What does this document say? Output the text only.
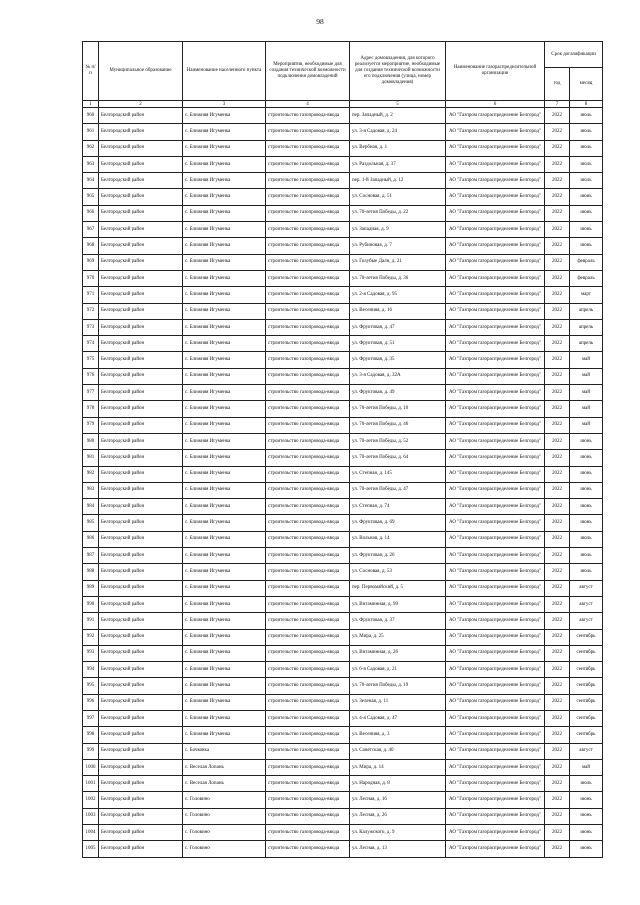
98
№ п/п	Муниципальное образование	Наименование населенного пункта	Мероприятия, необходимые для создания технической возможности подключения домовладений	Адрес домовладения, для которого реализуется мероприятие, необходимые для создания технической возможности его подключения (улица, номер домовладения)	Наименование газораспределительной организации	Срок догазификации	
						год	месяц
1	2	3	4	5	6	7	8
960	Белгородский район	с. Ближняя Игуменка	строительство газопровода-ввода	пер. Западный, д. 2	АО "Газпром газораспределение Белгород"	2022	июль
961	Белгородский район	с. Ближняя Игуменка	строительство газопровода-ввода	ул. 3-я Садовая, д. 24	АО "Газпром газораспределение Белгород"	2022	июль
962	Белгородский район	с. Ближняя Игуменка	строительство газопровода-ввода	ул. Вербная, д. 1	АО "Газпром газораспределение Белгород"	2022	июль
963	Белгородский район	с. Ближняя Игуменка	строительство газопровода-ввода	ул. Раздольная, д. 37	АО "Газпром газораспределение Белгород"	2022	июль
964	Белгородский район	с. Ближняя Игуменка	строительство газопровода-ввода	пер. 1-й Западный, д. 12	АО "Газпром газораспределение Белгород"	2022	июль
965	Белгородский район	с. Ближняя Игуменка	строительство газопровода-ввода	ул. Сосновая, д. 51	АО "Газпром газораспределение Белгород"	2022	июнь
966	Белгородский район	с. Ближняя Игуменка	строительство газопровода-ввода	ул. 70-летия Победы, д. 22	АО "Газпром газораспределение Белгород"	2022	июнь
967	Белгородский район	с. Ближняя Игуменка	строительство газопровода-ввода	ул. Западная, д. 9	АО "Газпром газораспределение Белгород"	2022	июнь
968	Белгородский район	с. Ближняя Игуменка	строительство газопровода-ввода	ул. Рубиновая, д. 7	АО "Газпром газораспределение Белгород"	2022	июнь
969	Белгородский район	с. Ближняя Игуменка	строительство газопровода-ввода	ул. Голубые Дали, д. 21	АО "Газпром газораспределение Белгород"	2022	февраль
970	Белгородский район	с. Ближняя Игуменка	строительство газопровода-ввода	ул. 70-летия Победы, д. 36	АО "Газпром газораспределение Белгород"	2022	февраль
971	Белгородский район	с. Ближняя Игуменка	строительство газопровода-ввода	ул. 2-я Садовая, д. 95	АО "Газпром газораспределение Белгород"	2022	март
972	Белгородский район	с. Ближняя Игуменка	строительство газопровода-ввода	ул. Весенняя, д. 16	АО "Газпром газораспределение Белгород"	2022	апрель
973	Белгородский район	с. Ближняя Игуменка	строительство газопровода-ввода	ул. Фруктовая, д. 47	АО "Газпром газораспределение Белгород"	2022	апрель
974	Белгородский район	с. Ближняя Игуменка	строительство газопровода-ввода	ул. Фруктовая, д. 51	АО "Газпром газораспределение Белгород"	2022	апрель
975	Белгородский район	с. Ближняя Игуменка	строительство газопровода-ввода	ул. Фруктовая, д. 35	АО "Газпром газораспределение Белгород"	2022	май
976	Белгородский район	с. Ближняя Игуменка	строительство газопровода-ввода	ул. 3-я Садовая, д. 32А	АО "Газпром газораспределение Белгород"	2022	май
977	Белгородский район	с. Ближняя Игуменка	строительство газопровода-ввода	ул. Фруктовая, д. 49	АО "Газпром газораспределение Белгород"	2022	май
978	Белгородский район	с. Ближняя Игуменка	строительство газопровода-ввода	ул. 70-летия Победы, д. 10	АО "Газпром газораспределение Белгород"	2022	май
979	Белгородский район	с. Ближняя Игуменка	строительство газопровода-ввода	ул. 70-летия Победы, д. 46	АО "Газпром газораспределение Белгород"	2022	май
980	Белгородский район	с. Ближняя Игуменка	строительство газопровода-ввода	ул. 70-летия Победы, д. 52	АО "Газпром газораспределение Белгород"	2022	июнь
981	Белгородский район	с. Ближняя Игуменка	строительство газопровода-ввода	ул. 70-летия Победы, д. 64	АО "Газпром газораспределение Белгород"	2022	июнь
982	Белгородский район	с. Ближняя Игуменка	строительство газопровода-ввода	ул. Степная, д. 145	АО "Газпром газораспределение Белгород"	2022	июнь
983	Белгородский район	с. Ближняя Игуменка	строительство газопровода-ввода	ул. 70-летия Победы, д. 47	АО "Газпром газораспределение Белгород"	2022	июнь
984	Белгородский район	с. Ближняя Игуменка	строительство газопровода-ввода	ул. Степная, д. 74	АО "Газпром газораспределение Белгород"	2022	июнь
985	Белгородский район	с. Ближняя Игуменка	строительство газопровода-ввода	ул. Фруктовая, д. 69	АО "Газпром газораспределение Белгород"	2022	июнь
986	Белгородский район	с. Ближняя Игуменка	строительство газопровода-ввода	ул. Вольная, д. 14	АО "Газпром газораспределение Белгород"	2022	июль
987	Белгородский район	с. Ближняя Игуменка	строительство газопровода-ввода	ул. Фруктовая, д. 26	АО "Газпром газораспределение Белгород"	2022	июль
988	Белгородский район	с. Ближняя Игуменка	строительство газопровода-ввода	ул. Сосновая, д. 53	АО "Газпром газораспределение Белгород"	2022	июль
989	Белгородский район	с. Ближняя Игуменка	строительство газопровода-ввода	пер. Первомайский, д. 5	АО "Газпром газораспределение Белгород"	2022	август
990	Белгородский район	с. Ближняя Игуменка	строительство газопровода-ввода	ул. Витаминная, д. 99	АО "Газпром газораспределение Белгород"	2022	август
991	Белгородский район	с. Ближняя Игуменка	строительство газопровода-ввода	ул. Фруктовая, д. 37	АО "Газпром газораспределение Белгород"	2022	август
992	Белгородский район	с. Ближняя Игуменка	строительство газопровода-ввода	ул. Мира, д. 25	АО "Газпром газораспределение Белгород"	2022	сентябрь
993	Белгородский район	с. Ближняя Игуменка	строительство газопровода-ввода	ул. Витаминная, д. 26	АО "Газпром газораспределение Белгород"	2022	сентябрь
994	Белгородский район	с. Ближняя Игуменка	строительство газопровода-ввода	ул. 6-я Садовая, д. 21	АО "Газпром газораспределение Белгород"	2022	сентябрь
995	Белгородский район	с. Ближняя Игуменка	строительство газопровода-ввода	ул. 70-летия Победы, д. 19	АО "Газпром газораспределение Белгород"	2022	сентябрь
996	Белгородский район	с. Ближняя Игуменка	строительство газопровода-ввода	ул. Зеленая, д. 11	АО "Газпром газораспределение Белгород"	2022	сентябрь
997	Белгородский район	с. Ближняя Игуменка	строительство газопровода-ввода	ул. 4-я Садовая, д. 47	АО "Газпром газораспределение Белгород"	2022	сентябрь
998	Белгородский район	с. Ближняя Игуменка	строительство газопровода-ввода	ул. Весенняя, д. 3	АО "Газпром газораспределение Белгород"	2022	сентябрь
999	Белгородский район	с. Бочковка	строительство газопровода-ввода	ул. Советская, д. 40	АО "Газпром газораспределение Белгород"	2022	август
1000	Белгородский район	с. Веселая Лопань	строительство газопровода-ввода	ул. Мира, д. 14	АО "Газпром газораспределение Белгород"	2022	май
1001	Белгородский район	с. Веселая Лопань	строительство газопровода-ввода	ул. Народная, д. 8	АО "Газпром газораспределение Белгород"	2022	июль
1002	Белгородский район	с. Головино	строительство газопровода-ввода	ул. Лесная, д. 16	АО "Газпром газораспределение Белгород"	2022	июнь
1003	Белгородский район	с. Головино	строительство газопровода-ввода	ул. Лесная, д. 26	АО "Газпром газораспределение Белгород"	2022	июнь
1004	Белгородский район	с. Головино	строительство газопровода-ввода	ул. Калужского, д. 9	АО "Газпром газораспределение Белгород"	2022	июнь
1005	Белгородский район	с. Головино	строительство газопровода-ввода	ул. Лесная, д. 13	АО "Газпром газораспределение Белгород"	2022	июнь
